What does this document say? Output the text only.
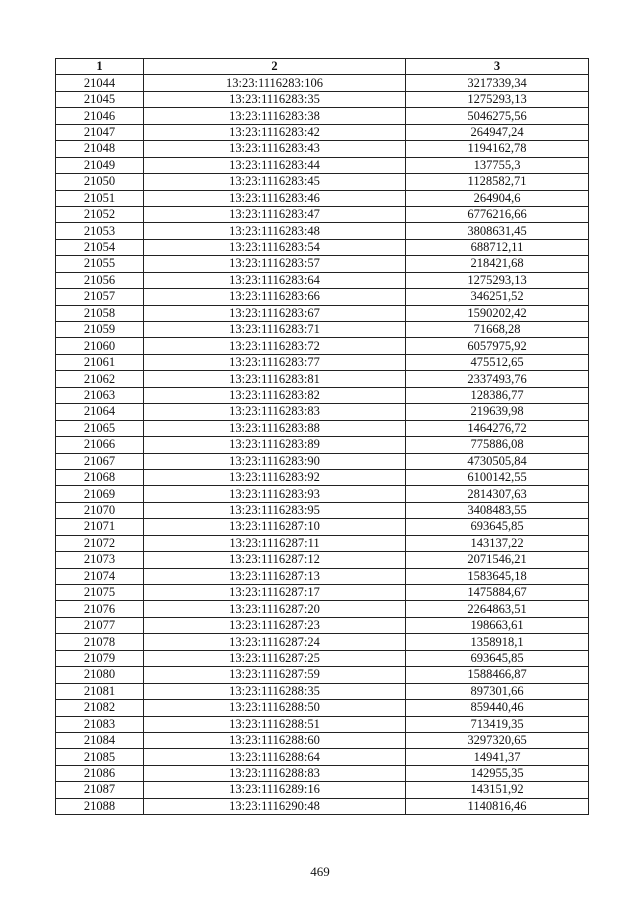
1	2	3
21044	13:23:1116283:106	3217339,34
21045	13:23:1116283:35	1275293,13
21046	13:23:1116283:38	5046275,56
21047	13:23:1116283:42	264947,24
21048	13:23:1116283:43	1194162,78
21049	13:23:1116283:44	137755,3
21050	13:23:1116283:45	1128582,71
21051	13:23:1116283:46	264904,6
21052	13:23:1116283:47	6776216,66
21053	13:23:1116283:48	3808631,45
21054	13:23:1116283:54	688712,11
21055	13:23:1116283:57	218421,68
21056	13:23:1116283:64	1275293,13
21057	13:23:1116283:66	346251,52
21058	13:23:1116283:67	1590202,42
21059	13:23:1116283:71	71668,28
21060	13:23:1116283:72	6057975,92
21061	13:23:1116283:77	475512,65
21062	13:23:1116283:81	2337493,76
21063	13:23:1116283:82	128386,77
21064	13:23:1116283:83	219639,98
21065	13:23:1116283:88	1464276,72
21066	13:23:1116283:89	775886,08
21067	13:23:1116283:90	4730505,84
21068	13:23:1116283:92	6100142,55
21069	13:23:1116283:93	2814307,63
21070	13:23:1116283:95	3408483,55
21071	13:23:1116287:10	693645,85
21072	13:23:1116287:11	143137,22
21073	13:23:1116287:12	2071546,21
21074	13:23:1116287:13	1583645,18
21075	13:23:1116287:17	1475884,67
21076	13:23:1116287:20	2264863,51
21077	13:23:1116287:23	198663,61
21078	13:23:1116287:24	1358918,1
21079	13:23:1116287:25	693645,85
21080	13:23:1116287:59	1588466,87
21081	13:23:1116288:35	897301,66
21082	13:23:1116288:50	859440,46
21083	13:23:1116288:51	713419,35
21084	13:23:1116288:60	3297320,65
21085	13:23:1116288:64	14941,37
21086	13:23:1116288:83	142955,35
21087	13:23:1116289:16	143151,92
21088	13:23:1116290:48	1140816,46
469
